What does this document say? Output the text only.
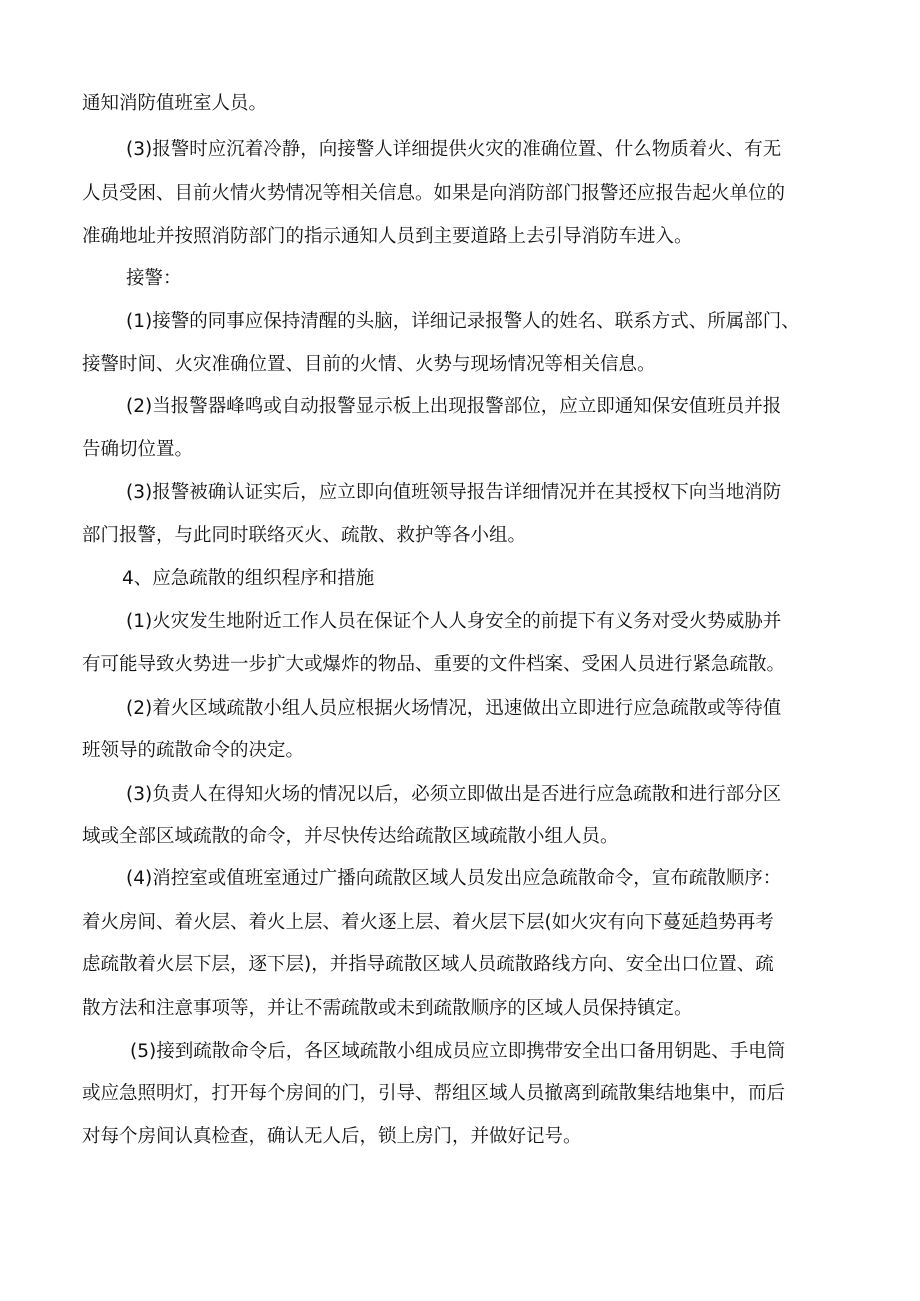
通知消防值班室人员。

(3)报警时应沉着冷静，向接警人详细提供火灾的准确位置、什么物质着火、有无

人员受困、目前火情火势情况等相关信息。如果是向消防部门报警还应报告起火单位的

准确地址并按照消防部门的指示通知人员到主要道路上去引导消防车进入。

接警：

(1)接警的同事应保持清醒的头脑，详细记录报警人的姓名、联系方式、所属部门、

接警时间、火灾准确位置、目前的火情、火势与现场情况等相关信息。

(2)当报警器峰鸣或自动报警显示板上出现报警部位，应立即通知保安值班员并报

告确切位置。

(3)报警被确认证实后，应立即向值班领导报告详细情况并在其授权下向当地消防

部门报警，与此同时联络灭火、疏散、救护等各小组。

4、应急疏散的组织程序和措施

(1)火灾发生地附近工作人员在保证个人人身安全的前提下有义务对受火势威胁并

有可能导致火势进一步扩大或爆炸的物品、重要的文件档案、受困人员进行紧急疏散。

(2)着火区域疏散小组人员应根据火场情况，迅速做出立即进行应急疏散或等待值

班领导的疏散命令的决定。

(3)负责人在得知火场的情况以后，必须立即做出是否进行应急疏散和进行部分区

域或全部区域疏散的命令，并尽快传达给疏散区域疏散小组人员。

(4)消控室或值班室通过广播向疏散区域人员发出应急疏散命令，宣布疏散顺序：

着火房间、着火层、着火上层、着火逐上层、着火层下层(如火灾有向下蔓延趋势再考

虑疏散着火层下层，逐下层)，并指导疏散区域人员疏散路线方向、安全出口位置、疏

散方法和注意事项等，并让不需疏散或未到疏散顺序的区域人员保持镇定。

(5)接到疏散命令后，各区域疏散小组成员应立即携带安全出口备用钥匙、手电筒

或应急照明灯，打开每个房间的门，引导、帮组区域人员撤离到疏散集结地集中，而后

对每个房间认真检查，确认无人后，锁上房门，并做好记号。
